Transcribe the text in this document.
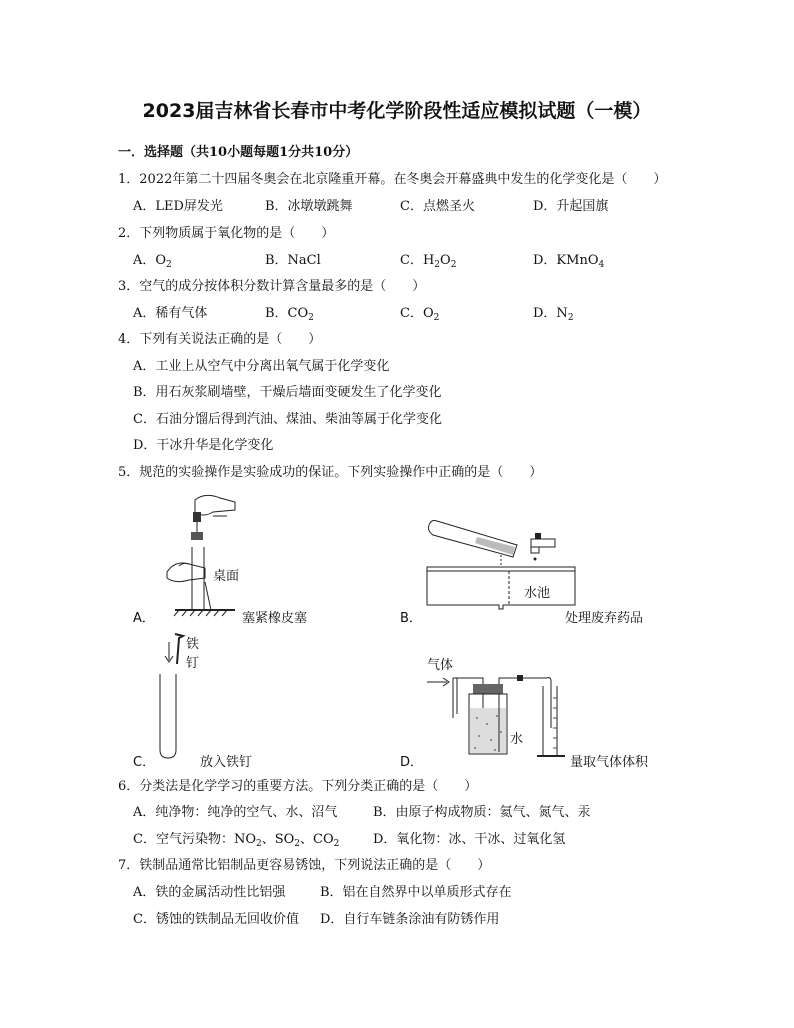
2023届吉林省长春市中考化学阶段性适应模拟试题（一模）
一．选择题（共10小题每题1分共10分）
1．2022年第二十四届冬奥会在北京隆重开幕。在冬奥会开幕盛典中发生的化学变化是（　　）
A．LED屏发光	B．冰墩墩跳舞	C．点燃圣火	D．升起国旗
2．下列物质属于氧化物的是（　　）
A．$O_2$	B．NaCl	C．$H_2O_2$	D．KMnO$_4$
3．空气的成分按体积分数计算含量最多的是（　　）
A．稀有气体	B．$CO_2$	C．$O_2$	D．$N_2$
4．下列有关说法正确的是（　　）
A．工业上从空气中分离出氧气属于化学变化
B．用石灰浆刷墙壁，干燥后墙面变硬发生了化学变化
C．石油分馏后得到汽油、煤油、柴油等属于化学变化
D．干冰升华是化学变化
5．规范的实验操作是实验成功的保证。下列实验操作中正确的是（　　）
桌面
A．	塞紧橡皮塞
水池
B．	处理废弃药品
铁
钉
C．	放入铁钉
气体
水
D．	量取气体体积
6．分类法是化学学习的重要方法。下列分类正确的是（　　）
A．纯净物：纯净的空气、水、沼气	B．由原子构成物质：氦气、氮气、汞
C．空气污染物：$NO_2$、$SO_2$、$CO_2$	D．氧化物：冰、干冰、过氧化氢
7．铁制品通常比铝制品更容易锈蚀，下列说法正确的是（　　）
A．铁的金属活动性比铝强	B．铝在自然界中以单质形式存在
C．锈蚀的铁制品无回收价值 D．自行车链条涂油有防锈作用
